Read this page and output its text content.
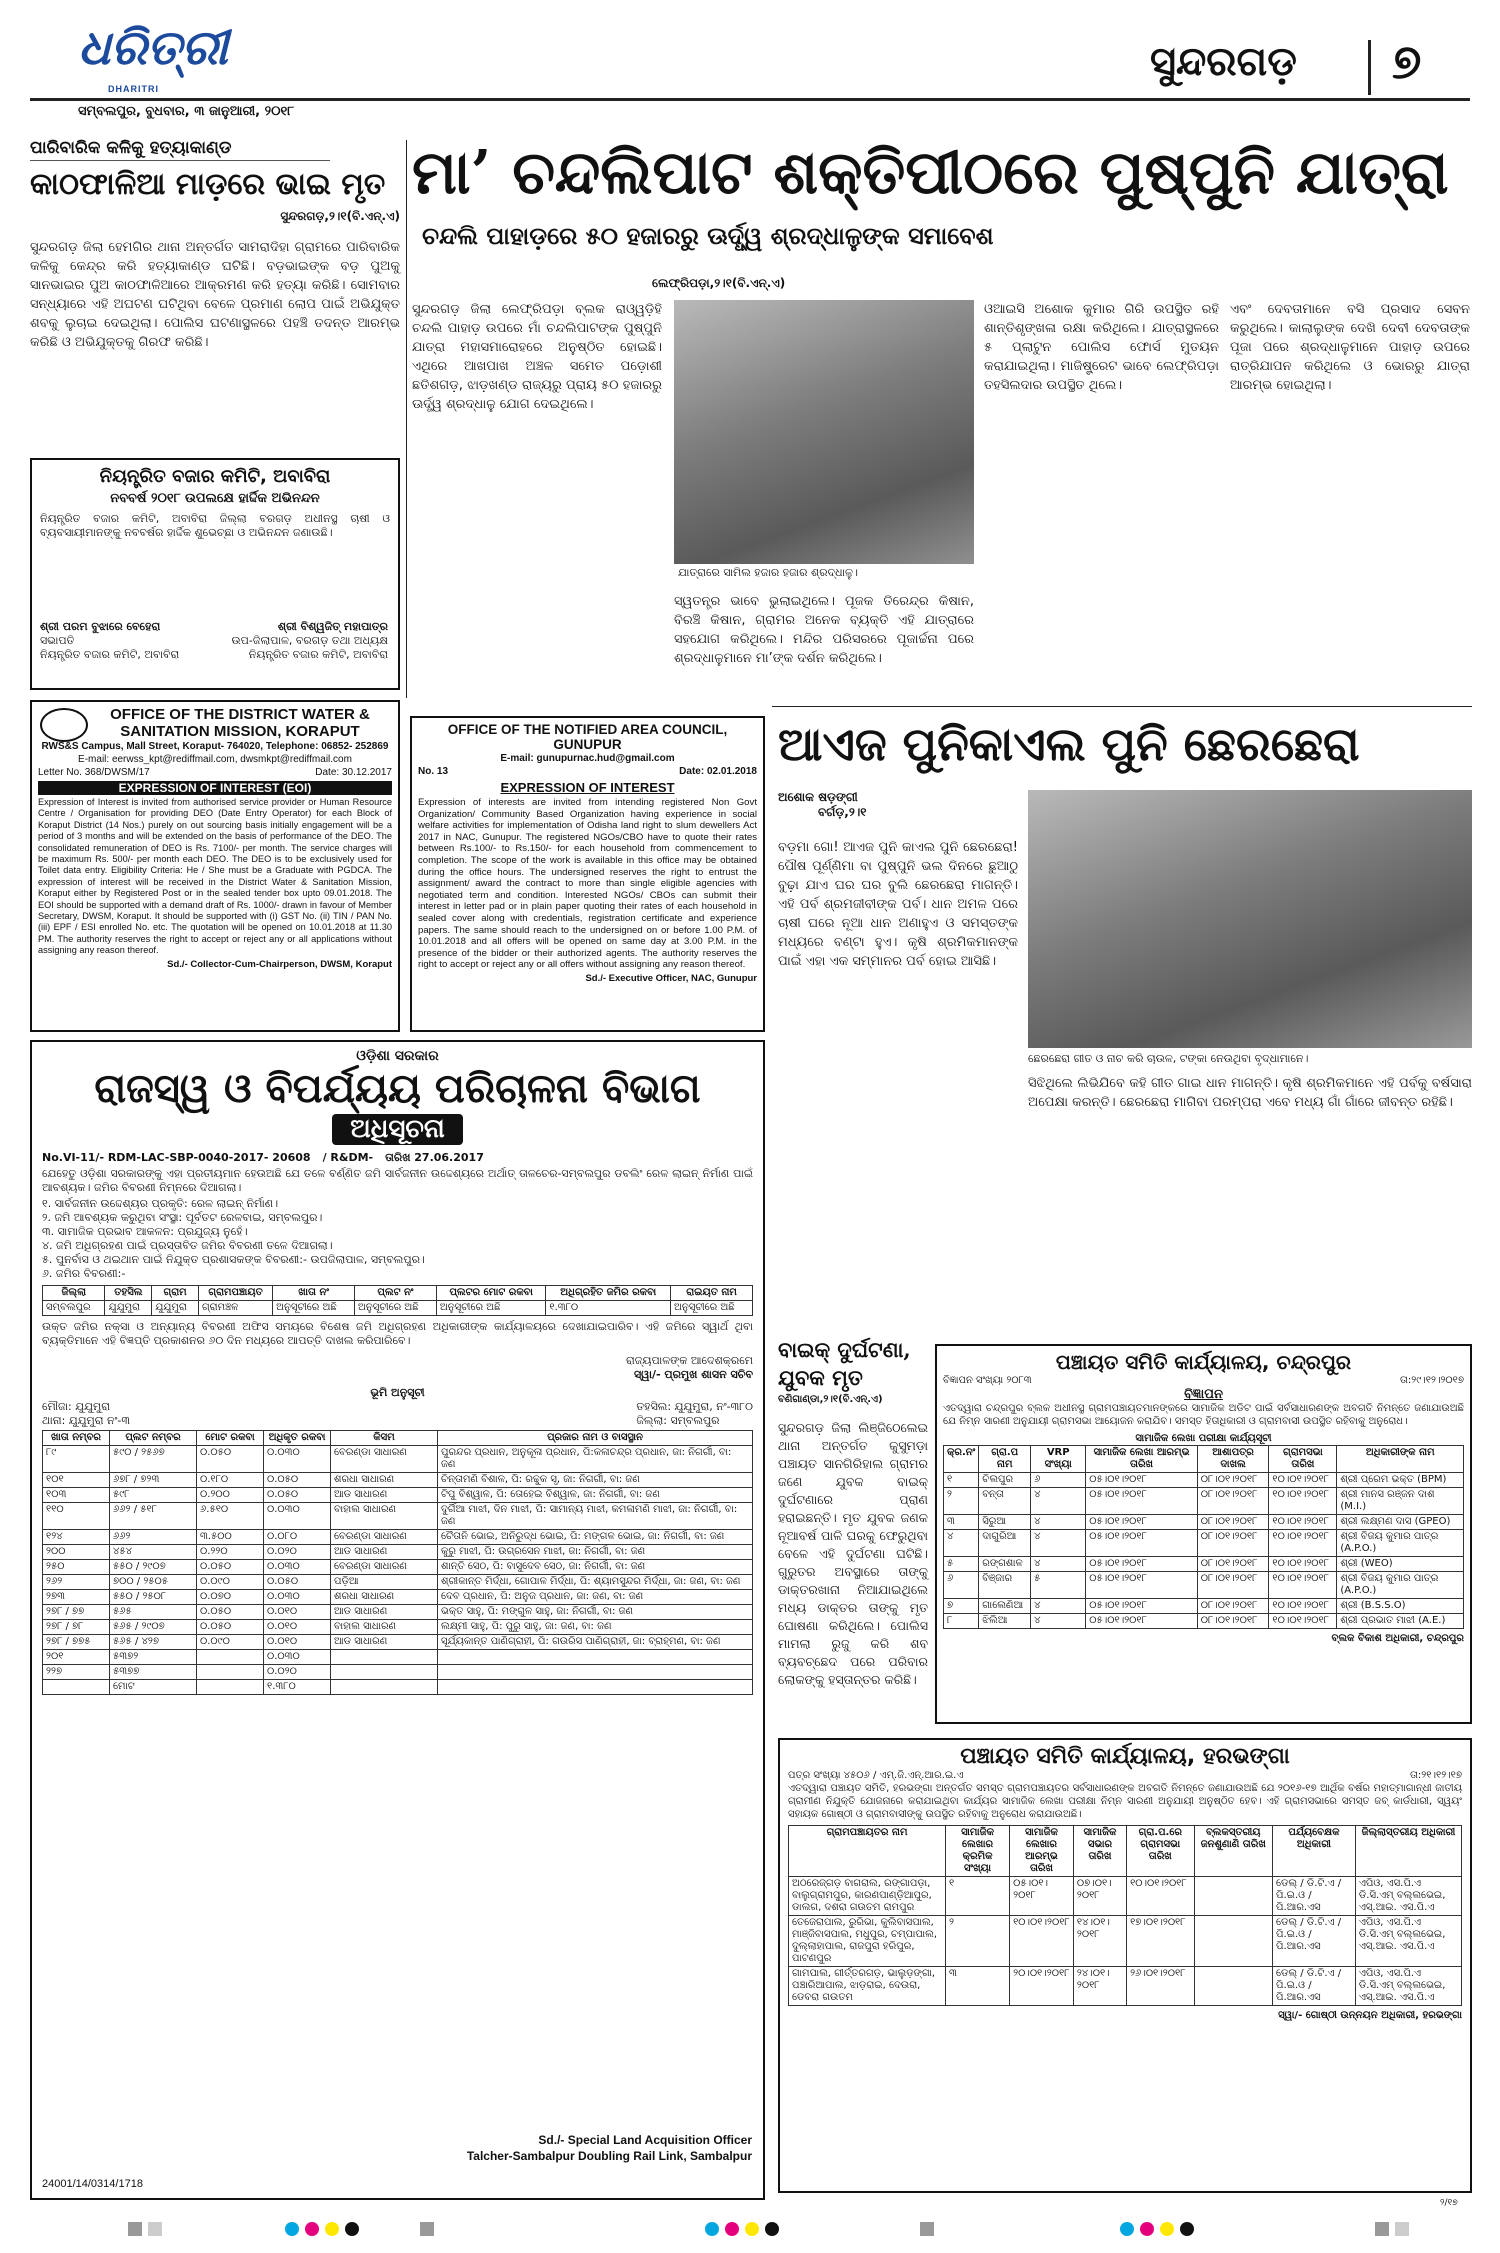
ଧରିତ୍ରୀ
DHARITRI
ସମ୍ବଲପୁର, ବୁଧବାର, ୩ ଜାନୁଆରୀ, ୨୦୧୮
ସୁନ୍ଦରଗଡ଼ ୭
ପାରିବାରିକ କଳିକୁ ହତ୍ୟାକାଣ୍ଡ
କାଠଫାଳିଆ ମାଡ଼ରେ ଭାଇ ମୃତ
ସୁନ୍ଦରଗଡ଼,୨।୧(ବି.ଏନ୍.ଏ)
ସୁନ୍ଦରଗଡ଼ ଜିଲା ହେମଗିର ଥାନା ଅନ୍ତର୍ଗତ ସାମରାଦିହା ଗ୍ରାମରେ ପାରିବାରିକ କଳିକୁ କେନ୍ଦ୍ର କରି ହତ୍ୟାକାଣ୍ଡ ଘଟିଛି। ବଡ଼ଭାଇଙ୍କ ବଡ଼ ପୁଅକୁ ସାନଭାଇର ପୁଅ କାଠଫାଳିଆରେ ଆକ୍ରମଣ କରି ହତ୍ୟା କରିଛି। ସୋମବାର ସନ୍ଧ୍ୟାରେ ଏହି ଅଘଟଣ ଘଟିଥିବା ବେଳେ ପ୍ରମାଣ ଲୋପ ପାଇଁ ଅଭିଯୁକ୍ତ ଶବକୁ ଲୁଚାଇ ଦେଇଥିଲା। ପୋଲିସ ଘଟଣାସ୍ଥଳରେ ପହଞ୍ଚି ତଦନ୍ତ ଆରମ୍ଭ କରିଛି ଓ ଅଭିଯୁକ୍ତକୁ ଗିରଫ କରିଛି।
ମା’ ଚନ୍ଦଲିପାଟ ଶକ୍ତିପୀଠରେ ପୁଷ୍ପୁନି ଯାତ୍ରା
ଚନ୍ଦଲି ପାହାଡ଼ରେ ୫୦ ହଜାରରୁ ଊର୍ଦ୍ଧ୍ୱ ଶ୍ରଦ୍ଧାଳୁଙ୍କ ସମାବେଶ
ଲେଫ୍ରିପଡ଼ା,୨।୧(ବି.ଏନ୍.ଏ)
ସୁନ୍ଦରଗଡ଼ ଜିଲା ଲେଫ୍ରିପଡ଼ା ବ୍ଲକ ରାଓ୍ୱଡ଼ିହି ଚନ୍ଦଲି ପାହାଡ଼ ଉପରେ ମାଁ ଚନ୍ଦଲିପାଟଙ୍କ ପୁଷ୍ପୁନି ଯାତ୍ରା ମହାସମାରୋହରେ ଅନୁଷ୍ଠିତ ହୋଇଛି। ଏଥିରେ ଆଖପାଖ ଅଞ୍ଚଳ ସମେତ ପଡ଼ୋଶୀ ଛତିଶଗଡ଼, ଝାଡ଼ଖଣ୍ଡ ରାଜ୍ୟରୁ ପ୍ରାୟ ୫୦ ହଜାରରୁ ଊର୍ଦ୍ଧ୍ୱ ଶ୍ରଦ୍ଧାଳୁ ଯୋଗ ଦେଇଥିଲେ।
ଯାତ୍ରାରେ ସାମିଲ ହଜାର ହଜାର ଶ୍ରଦ୍ଧାଳୁ।
ସ୍ୱତନ୍ତ୍ର ଭାବେ ଭୁଲାଇଥିଲେ। ପୂଜକ ତିରେନ୍ଦ୍ର କିଷାନ, ବିରଞ୍ଚି କିଷାନ, ଗ୍ରାମର ଅନେକ ବ୍ୟକ୍ତି ଏହି ଯାତ୍ରାରେ ସହଯୋଗ କରିଥିଲେ। ମନ୍ଦିର ପରିସରରେ ପୂଜାର୍ଚ୍ଚନା ପରେ ଶ୍ରଦ୍ଧାଳୁମାନେ ମା’ଙ୍କ ଦର୍ଶନ କରିଥିଲେ।
ଓଆଇସି ଅଶୋକ କୁମାର ଗିରି ଉପସ୍ଥିତ ରହି ଶାନ୍ତିଶୃଙ୍ଖଳା ରକ୍ଷା କରିଥିଲେ। ଯାତ୍ରାସ୍ଥଳରେ ୫ ପ୍ଲାଟୁନ ପୋଲିସ ଫୋର୍ସ ମୁତୟନ କରାଯାଇଥିଲା। ମାଜିଷ୍ଟ୍ରେଟ ଭାବେ ଲେଫ୍ରିପଡ଼ା ତହସିଲଦାର ଉପସ୍ଥିତ ଥିଲେ।
ଏବଂ ଦେବତାମାନେ ବସି ପ୍ରସାଦ ସେବନ କରୁଥିଲେ। କାଲାଲୁଙ୍କ ଦେଖି ଦେବୀ ଦେବତାଙ୍କ ପୂଜା ପରେ ଶ୍ରଦ୍ଧାଳୁମାନେ ପାହାଡ଼ ଉପରେ ରାତ୍ରିଯାପନ କରିଥିଲେ ଓ ଭୋରରୁ ଯାତ୍ରା ଆରମ୍ଭ ହୋଇଥିଲା।
ନିୟନ୍ତ୍ରିତ ବଜାର କମିଟି, ଅବାବିରା
ନବବର୍ଷ ୨୦୧୮ ଉପଲକ୍ଷେ ହାର୍ଦ୍ଦିକ ଅଭିନନ୍ଦନ
ନିୟନ୍ତ୍ରିତ ବଜାର କମିଟି, ଅବାବିରା ଜିଲ୍ଲା ବରଗଡ଼ ଅଧୀନସ୍ଥ ଚାଷୀ ଓ ବ୍ୟବସାୟୀମାନଙ୍କୁ ନବବର୍ଷର ହାର୍ଦ୍ଦିକ ଶୁଭେଚ୍ଛା ଓ ଅଭିନନ୍ଦନ ଜଣାଉଛି।
ଶ୍ରୀ ପରମ ବୁଝାରେ ବେହେରା
ସଭାପତି
ନିୟନ୍ତ୍ରିତ ବଜାର କମିଟି, ଅବାବିରା
ଶ୍ରୀ ବିଶ୍ୱଜିତ୍ ମହାପାତ୍ର
ଉପ-ଜିଲାପାଳ, ବରଗଡ଼ ତଥା ଅଧ୍ୟକ୍ଷ
ନିୟନ୍ତ୍ରିତ ବଜାର କମିଟି, ଅବାବିରା
OFFICE OF THE DISTRICT WATER & SANITATION MISSION, KORAPUT
RWS&S Campus, Mall Street, Koraput- 764020, Telephone: 06852- 252869
E-mail: eerwss_kpt@rediffmail.com, dwsmkpt@rediffmail.com
Letter No. 368/DWSM/17	Date: 30.12.2017
EXPRESSION OF INTEREST (EOI)
Expression of Interest is invited from authorised service provider or Human Resource Centre / Organisation for providing DEO (Date Entry Operator) for each Block of Koraput District (14 Nos.) purely on out sourcing basis initially engagement will be a period of 3 months and will be extended on the basis of performance of the DEO. The consolidated remuneration of DEO is Rs. 7100/- per month. The service charges will be maximum Rs. 500/- per month each DEO. The DEO is to be exclusively used for Toilet data entry. Eligibility Criteria: He / She must be a Graduate with PGDCA. The expression of interest will be received in the District Water & Sanitation Mission, Koraput either by Registered Post or in the sealed tender box upto 09.01.2018. The EOI should be supported with a demand draft of Rs. 1000/- drawn in favour of Member Secretary, DWSM, Koraput. It should be supported with (i) GST No. (ii) TIN / PAN No. (iii) EPF / ESI enrolled No. etc. The quotation will be opened on 10.01.2018 at 11.30 PM. The authority reserves the right to accept or reject any or all applications without assigning any reason thereof.
Sd./- Collector-Cum-Chairperson, DWSM, Koraput
OFFICE OF THE NOTIFIED AREA COUNCIL, GUNUPUR
E-mail: gunupurnac.hud@gmail.com
No. 13	Date: 02.01.2018
EXPRESSION OF INTEREST
Expression of interests are invited from intending registered Non Govt Organization/ Community Based Organization having experience in social welfare activities for implementation of Odisha land right to slum dewellers Act 2017 in NAC, Gunupur. The registered NGOs/CBO have to quote their rates between Rs.100/- to Rs.150/- for each household from commencement to completion. The scope of the work is available in this office may be obtained during the office hours. The undersigned reserves the right to entrust the assignment/ award the contract to more than single eligible agencies with negotiated term and condition. Interested NGOs/ CBOs can submit their interest in letter pad or in plain paper quoting their rates of each household in sealed cover along with credentials, registration certificate and experience papers. The same should reach to the undersigned on or before 1.00 P.M. of 10.01.2018 and all offers will be opened on same day at 3.00 P.M. in the presence of the bidder or their authorized agents. The authority reserves the right to accept or reject any or all offers without assigning any reason thereof.
Sd./- Executive Officer, NAC, Gunupur
ଆଏଜ ପୁନିକାଏଲ ପୁନି ଛେରଛେରା
ଅଶୋକ ଷଡ଼ଙ୍ଗୀ
ବର୍ଗଡ଼,୨।୧
ବଡ଼ମା ଗୋ! ଆଏଜ ପୁନି କାଏଲ ପୁନି ଛେରଛେରା! ପୌଷ ପୂର୍ଣ୍ଣିମା ବା ପୁଷ୍ପୁନି ଭଲ ଦିନରେ ଛୁଆଠୁ ବୁଢ଼ା ଯାଏ ଘର ଘର ବୁଲି ଛେରଛେରା ମାଗନ୍ତି। ଏହି ପର୍ବ ଶ୍ରମଜୀବୀଙ୍କ ପର୍ବ। ଧାନ ଅମଳ ପରେ ଚାଷୀ ଘରେ ନୂଆ ଧାନ ଅଣାହୁଏ ଓ ସମସ୍ତଙ୍କ ମଧ୍ୟରେ ବଣ୍ଟା ହୁଏ। କୃଷି ଶ୍ରମିକମାନଙ୍କ ପାଇଁ ଏହା ଏକ ସମ୍ମାନର ପର୍ବ ହୋଇ ଆସିଛି।
ଛେରଛେରା ଗୀତ ଓ ନାଚ କରି ଚାଉଳ, ଟଙ୍କା ନେଉଥିବା ବୃଦ୍ଧାମାନେ।
ସିଝିଥିଲେ ଲିଭିଯିବେ କହି ଗୀତ ଗାଇ ଧାନ ମାଗନ୍ତି। କୃଷି ଶ୍ରମିକମାନେ ଏହି ପର୍ବକୁ ବର୍ଷସାରା ଅପେକ୍ଷା କରନ୍ତି। ଛେରଛେରା ମାଗିବା ପରମ୍ପରା ଏବେ ମଧ୍ୟ ଗାଁ ଗାଁରେ ଜୀବନ୍ତ ରହିଛି।
ଓଡ଼ିଶା ସରକାର
ରାଜସ୍ୱ ଓ ବିପର୍ଯ୍ୟୟ ପରିଚାଳନା ବିଭାଗ
ଅଧିସୂଚନା
No.VI-11/- RDM-LAC-SBP-0040-2017- 20608 / R&DM- ତାରିଖ 27.06.2017
ଯେହେତୁ ଓଡ଼ିଶା ସରକାରଙ୍କୁ ଏହା ପ୍ରତୀୟମାନ ହେଉଅଛି ଯେ ତଳେ ବର୍ଣ୍ଣିତ ଜମି ସାର୍ବଜନୀନ ଉଦ୍ଦେଶ୍ୟରେ ଅର୍ଥାତ୍ ତାଳଚେର-ସମ୍ବଲପୁର ଡବଲିଂ ରେଳ ଲାଇନ୍ ନିର୍ମାଣ ପାଇଁ ଆବଶ୍ୟକ। ଜମିର ବିବରଣୀ ନିମ୍ନରେ ଦିଆଗଲା।
୧. ସାର୍ବଜନୀନ ଉଦ୍ଦେଶ୍ୟର ପ୍ରକୃତି: ରେଳ ଲାଇନ୍ ନିର୍ମାଣ।
୨. ଜମି ଆବଶ୍ୟକ କରୁଥିବା ସଂସ୍ଥା: ପୂର୍ବତଟ ରେଳବାଇ, ସମ୍ବଲପୁର।
୩. ସାମାଜିକ ପ୍ରଭାବ ଆକଳନ: ପ୍ରଯୁଜ୍ୟ ନୁହେଁ।
୪. ଜମି ଅଧିଗ୍ରହଣ ପାଇଁ ପ୍ରସ୍ତାବିତ ଜମିର ବିବରଣୀ ତଳେ ଦିଆଗଲା।
୫. ପୁନର୍ବାସ ଓ ଥଇଥାନ ପାଇଁ ନିଯୁକ୍ତ ପ୍ରଶାସକଙ୍କ ବିବରଣୀ:- ଉପଜିଲାପାଳ, ସମ୍ବଲପୁର।
୬. ଜମିର ବିବରଣୀ:-
ଜିଲ୍ଲା	ତହସିଲ	ଗ୍ରାମ	ଗ୍ରାମପଞ୍ଚାୟତ	ଖାତା ନଂ	ପ୍ଲଟ ନଂ	ପ୍ଲଟର ମୋଟ ରକବା	ଅଧିଗ୍ରହିତ ଜମିର ରକବା	ରାଇୟତ ନାମ
ସମ୍ବଲପୁର	ଯୁଯୁମୁରା	ଯୁଯୁମୁରା	ଗ୍ରାମଞ୍ଚଳ	ଅନୁସୂଚୀରେ ଅଛି	ଅନୁସୂଚୀରେ ଅଛି	ଅନୁସୂଚୀରେ ଅଛି	୧.୩୮୦	ଅନୁସୂଚୀରେ ଅଛି
ଉକ୍ତ ଜମିର ନକ୍ସା ଓ ଅନ୍ୟାନ୍ୟ ବିବରଣୀ ଅଫିସ ସମୟରେ ବିଶେଷ ଜମି ଅଧିଗ୍ରହଣ ଅଧିକାରୀଙ୍କ କାର୍ଯ୍ୟାଳୟରେ ଦେଖାଯାଇପାରିବ। ଏହି ଜମିରେ ସ୍ୱାର୍ଥ ଥିବା ବ୍ୟକ୍ତିମାନେ ଏହି ବିଜ୍ଞପ୍ତି ପ୍ରକାଶନର ୬୦ ଦିନ ମଧ୍ୟରେ ଆପତ୍ତି ଦାଖଲ କରିପାରିବେ।
ରାଜ୍ୟପାଳଙ୍କ ଆଦେଶକ୍ରମେ
ସ୍ୱା/- ପ୍ରମୁଖ ଶାସନ ସଚିବ
ଭୂମି ଅନୁସୂଚୀ
ମୌଜା: ଯୁଯୁମୁରା
ଥାନା: ଯୁଯୁମୁରା ନଂ-୩
ତହସିଲ: ଯୁଯୁମୁରା, ନଂ-୩୮୦
ଜିଲ୍ଲା: ସମ୍ବଲପୁର
ଖାତା ନମ୍ବର	ପ୍ଲଟ ନମ୍ବର	ମୋଟ ରକବା	ଅଧିକୃତ ରକବା	କିସମ	ପ୍ରଜାର ନାମ ଓ ବାସସ୍ଥାନ
୮୯	୫୯୦ / ୨୫୬୭	୦.୦୫୦	୦.୦୩୦	ବେରଣ୍ଡା ସାଧାରଣ	ପୁରନ୍ଦର ପ୍ରଧାନ, ଅନୁକୂଳା ପ୍ରଧାନ, ପି:କଳାଚନ୍ଦ୍ର ପ୍ରଧାନ, ଜା: ନିଗର୍ଗୀ, ବା: ଜଣ
୧୦୧	୬୭୮ / ୭୨୩	୦.୧୮୦	୦.୦୫୦	ଶରଧା ସାଧାରଣ	ଚିନ୍ତାମଣି ବିଶାଳ, ପି: ରଚ୍ଚୁକ ସୃ, ଜା: ନିଗର୍ଗୀ, ବା: ଜଣ
୧୦୩	୫୯୮	୦.୨୦୦	୦.୦୫୦	ଆଡ ସାଧାରଣ	ଟିପୁ ବିଶ୍ୱାଳ, ପି: ତୋହେଇ ବିଶ୍ୱାଳ, ଜା: ନିଗର୍ଗୀ, ବା: ଜଣ
୧୧୦	୬୬୨ / ୫୧୮	୬.୫୧୦	୦.୦୩୦	ବାହାଲ ସାଧାରଣ	ଦୁର୍ଗିଆ ମାଝୀ, ଦିନ ମାଝୀ, ପି: ସାମାନ୍ୟ ମାଝୀ, କମଳାମଣି ମାଝୀ, ଜା: ନିଗର୍ଗୀ, ବା: ଜଣ
୧୨୪	୬୬୨	୩.୫୦୦	୦.୦୮୦	ବେରଣ୍ଡା ସାଧାରଣ	ଚୈତାନି ଭୋଇ, ଅନିରୁଦ୍ଧ ଭୋଇ, ପି: ମଙ୍ଗଳ ଭୋଇ, ଜା: ନିଗର୍ଗୀ, ବା: ଜଣ
୨୦୦	୪୫୪	୦.୨୨୦	୦.୦୨୦	ଆଡ ସାଧାରଣ	କୁରୁ ମାଝୀ, ପି: ଉଗ୍ରସେନ ମାଝୀ, ଜା: ନିଗର୍ଗୀ, ବା: ଜଣ
୨୫୦	୫୫୦ / ୨୯୦୭	୦.୦୫୦	୦.୦୩୦	ବେରଣ୍ଡା ସାଧାରଣ	ଶାନ୍ତି ସେଠ, ପି: ବାସୁଦେବ ସେଠ, ଜା: ନିଗର୍ଗୀ, ବା: ଜଣ
୨୬୨	୭୦୦ / ୨୫୦୫	୦.୦୯୦	୦.୦୫୦	ପଡ଼ିଆ	ଶ୍ରୀକାନ୍ତ ମିର୍ଦ୍ଧା, ଗୋପାଳ ମିର୍ଦ୍ଧା, ପି: ଶ୍ୟାମସୁନ୍ଦର ମିର୍ଦ୍ଧା, ଜା: ଜଣ, ବା: ଜଣ
୨୭୩	୫୫୦ / ୨୫୦୮	୦.୦୭୦	୦.୦୩୦	ଶରଧା ସାଧାରଣ	ଦେବ ପ୍ରଧାନ, ପି: ଅନୁଜ ପ୍ରଧାନ, ଜା: ଜଣ, ବା: ଜଣ
୨୭୮ / ୭୭	୫୬୫	୦.୦୫୦	୦.୦୧୦	ଆଡ ସାଧାରଣ	ଭକ୍ତ ସାହୁ, ପି: ମଙ୍ଗୁଳ ସାହୁ, ଜା: ନିଗର୍ଗୀ, ବା: ଜଣ
୨୭୮ / ୭୮	୫୬୫ / ୨୯୦୭	୦.୦୫୦	୦.୦୧୦	ବାହାଲ ସାଧାରଣ	ଲକ୍ଷ୍ମୀ ସାହୁ, ପି: ପୁରୁ ସାହୁ, ଜା: ଜଣ, ବା: ଜଣ
୨୭୮ / ୭୭୫	୫୬୫ / ୪୨୭	୦.୦୯୦	୦.୦୧୦	ଆଡ ସାଧାରଣ	ସୂର୍ଯ୍ୟକାନ୍ତ ପାଣିଗ୍ରାହୀ, ପି: ଗଉରିସ ପାଣିଗ୍ରାହୀ, ଜା: ବ୍ରାହ୍ମଣ, ବା: ଜଣ
୨୦୧	୫୩୭୨		୦.୦୩୦		
୨୨୭	୫୩୭୭		୦.୦୨୦		
	ମୋଟ		୧.୩୮୦		
Sd./- Special Land Acquisition Officer
Talcher-Sambalpur Doubling Rail Link, Sambalpur
24001/14/0314/1718
ବାଇକ୍ ଦୁର୍ଘଟଣା, ଯୁବକ ମୃତ
ବଣିଗାଣ୍ଡା,୨।୧(ବି.ଏନ୍.ଏ)
ସୁନ୍ଦରଗଡ଼ ଜିଲା ଲିଞ୍ଜିଠେଲେଇ ଥାନା ଅନ୍ତର୍ଗତ କୁସୁମଡ଼ା ପଞ୍ଚାୟତ ସାନଗିରିହାଲ ଗ୍ରାମର ଜଣେ ଯୁବକ ବାଇକ୍ ଦୁର୍ଘଟଣାରେ ପ୍ରାଣ ହରାଇଛନ୍ତି। ମୃତ ଯୁବକ ଜଣକ ନୂଆବର୍ଷ ପାଳି ଘରକୁ ଫେରୁଥିବା ବେଳେ ଏହି ଦୁର୍ଘଟଣା ଘଟିଛି। ଗୁରୁତର ଅବସ୍ଥାରେ ତାଙ୍କୁ ଡାକ୍ତରଖାନା ନିଆଯାଇଥିଲେ ମଧ୍ୟ ଡାକ୍ତର ତାଙ୍କୁ ମୃତ ଘୋଷଣା କରିଥିଲେ। ପୋଲିସ ମାମଲା ରୁଜୁ କରି ଶବ ବ୍ୟବଚ୍ଛେଦ ପରେ ପରିବାର ଲୋକଙ୍କୁ ହସ୍ତାନ୍ତର କରିଛି।
ପଞ୍ଚାୟତ ସମିତି କାର୍ଯ୍ୟାଳୟ, ଚନ୍ଦ୍ରପୁର
ବିଜ୍ଞାପନ ସଂଖ୍ୟା ୨୦୮୩	ତା:୨୯।୧୨।୨୦୧୭
ବିଜ୍ଞାପନ
ଏତଦ୍ୱାରା ଚନ୍ଦ୍ରପୁର ବ୍ଲକ ଅଧୀନସ୍ଥ ଗ୍ରାମପଞ୍ଚାୟତମାନଙ୍କରେ ସାମାଜିକ ଅଡିଟ ପାଇଁ ସର୍ବସାଧାରଣଙ୍କ ଅବଗତି ନିମନ୍ତେ ଜଣାଯାଉଅଛି ଯେ ନିମ୍ନ ସାରଣୀ ଅନୁଯାୟୀ ଗ୍ରାମସଭା ଆୟୋଜନ କରାଯିବ। ସମସ୍ତ ହିତାଧିକାରୀ ଓ ଗ୍ରାମବାସୀ ଉପସ୍ଥିତ ରହିବାକୁ ଅନୁରୋଧ।
ସାମାଜିକ ଲେଖା ପରୀକ୍ଷା କାର୍ଯ୍ୟସୂଚୀ
କ୍ର.ନଂ	ଗ୍ରା.ପ ନାମ	VRP ସଂଖ୍ୟା	ସାମାଜିକ ଲେଖା ଆରମ୍ଭ ତାରିଖ	ଆଶାପତ୍ର ଦାଖଲ	ଗ୍ରାମସଭା ତାରିଖ	ଅଧିକାରୀଙ୍କ ନାମ
୧	ଚିଲପୁର	୬	୦୫।୦୧।୨୦୧୮	୦୮।୦୧।୨୦୧୮	୧୦।୦୧।୨୦୧୮	ଶ୍ରୀ ପ୍ରେମ ଭକ୍ତ (BPM)
୨	ବନ୍ତା	୪	୦୫।୦୧।୨୦୧୮	୦୮।୦୧।୨୦୧୮	୧୦।୦୧।୨୦୧୮	ଶ୍ରୀ ମାନସ ରଞ୍ଜନ ଦାଶ (M.I.)
୩	ସିରୁଆ	୪	୦୫।୦୧।୨୦୧୮	୦୮।୦୧।୨୦୧୮	୧୦।୦୧।୨୦୧୮	ଶ୍ରୀ ଲକ୍ଷ୍ମଣ ଦାସ (GPEO)
୪	ଦାଗୁରିଆ	୪	୦୫।୦୧।୨୦୧୮	୦୮।୦୧।୨୦୧୮	୧୦।୦୧।୨୦୧୮	ଶ୍ରୀ ବିଜୟ କୁମାର ପାତ୍ର (A.P.O.)
୫	ରଙ୍ଗଶାଳ	୪	୦୫।୦୧।୨୦୧୮	୦୮।୦୧।୨୦୧୮	୧୦।୦୧।୨୦୧୮	ଶ୍ରୀ (WEO)
୬	ବିଞ୍ଜାର	୫	୦୫।୦୧।୨୦୧୮	୦୮।୦୧।୨୦୧୮	୧୦।୦୧।୨୦୧୮	ଶ୍ରୀ ବିଜୟ କୁମାର ପାତ୍ର (A.P.O.)
୭	ଗାଲେଣିଆ	୪	୦୫।୦୧।୨୦୧୮	୦୮।୦୧।୨୦୧୮	୧୦।୦୧।୨୦୧୮	ଶ୍ରୀ (B.S.S.O)
୮	ଝିଲିଆ	୪	୦୫।୦୧।୨୦୧୮	୦୮।୦୧।୨୦୧୮	୧୦।୦୧।୨୦୧୮	ଶ୍ରୀ ପ୍ରଭାତ ମାଝୀ (A.E.)
ବ୍ଲକ ବିକାଶ ଅଧିକାରୀ, ଚନ୍ଦ୍ରପୁର
ପଞ୍ଚାୟତ ସମିତି କାର୍ଯ୍ୟାଳୟ, ହରଭଙ୍ଗା
ପତ୍ର ସଂଖ୍ୟା ୪୫୦୬ / ଏମ୍.ଜି.ଏନ୍.ଆର.ଇ.ଏ	ତା:୨୧।୧୨।୧୭
ଏତଦ୍ୱାରା ପଞ୍ଚାୟତ ସମିତି, ହରଭଙ୍ଗା ଅନ୍ତର୍ଗତ ସମସ୍ତ ଗ୍ରାମପଞ୍ଚାୟତର ସର୍ବସାଧାରଣଙ୍କ ଅବଗତି ନିମନ୍ତେ ଜଣାଯାଉଅଛି ଯେ ୨୦୧୬-୧୭ ଆର୍ଥିକ ବର୍ଷର ମହାତ୍ମାଗାନ୍ଧୀ ଜାତୀୟ ଗ୍ରାମୀଣ ନିଯୁକ୍ତି ଯୋଜନାରେ କରାଯାଇଥିବା କାର୍ଯ୍ୟର ସାମାଜିକ ଲେଖା ପରୀକ୍ଷା ନିମ୍ନ ସାରଣୀ ଅନୁଯାୟୀ ଅନୁଷ୍ଠିତ ହେବ। ଏହି ଗ୍ରାମସଭାରେ ସମସ୍ତ ଜବ୍ କାର୍ଡଧାରୀ, ସ୍ୱୟଂ ସହାୟକ ଗୋଷ୍ଠୀ ଓ ଗ୍ରାମବାସୀଙ୍କୁ ଉପସ୍ଥିତ ରହିବାକୁ ଅନୁରୋଧ କରାଯାଉଅଛି।
ଗ୍ରାମପଞ୍ଚାୟତର ନାମ	ସାମାଜିକ ଲେଖାର କ୍ରମିକ ସଂଖ୍ୟା	ସାମାଜିକ ଲେଖାର ଆରମ୍ଭ ତାରିଖ	ସାମାଜିକ ସଭାର ତାରିଖ	ଗ୍ରା.ପ.ରେ ଗ୍ରାମସଭା ତାରିଖ	ବ୍ଲକସ୍ତରୀୟ ଜନଶୁଣାଣି ତାରିଖ	ପର୍ଯ୍ୟବେକ୍ଷକ ଅଧିକାରୀ	ଜିଲ୍ଲାସ୍ତରୀୟ ଅଧିକାରୀ
ଅଠରେଜ୍‌ଗଡ଼ ବାଗରାଲ, ରଙ୍ଗାପଡ଼ା, ବାଲୁଗ୍ରାମପୁର, କାରଣପାଣ୍ଡ଼ିଆପୁର, ଡାଲଗ, ଦଶରା ଗଉତମ ରାମପୁର	୧	୦୫।୦୧।୨୦୧୮	୦୭।୦୧।୨୦୧୮	୧୦।୦୧।୨୦୧୮		ଡେଲ୍ / ଡି.ଟି.ଏ / ପି.ଇ.ଓ / ପି.ଆର.ଏସ	ଏପିଓ, ଏସ.ପି.ଏ ଡି.ସି.ଏମ୍ ବଲ୍ଲଭେଇ, ଏସ୍.ଆଇ. ଏସ.ପି.ଏ
ତେଜେରାପାଲ, ରୁରିଭା, କୁଲିବାସପାଲ, ମାଞ୍ଜିବାସପାଲ, ମଧୁପୁର, ଚମ୍ପାପାଲ, ଦୁଲ୍ଲାହାପାଲ, ରାଜପୁରା ହରିପୁର, ପାଟଣପୁର	୨	୧୦।୦୧।୨୦୧୮	୧୪।୦୧।୨୦୧୮	୧୭।୦୧।୨୦୧୮		ଡେଲ୍ / ଡି.ଟି.ଏ / ପି.ଇ.ଓ / ପି.ଆର.ଏସ	ଏପିଓ, ଏସ.ପି.ଏ ଡି.ସି.ଏମ୍ ବଲ୍ଲଭେଇ, ଏସ୍.ଆଇ. ଏସ.ପି.ଏ
ଗାମପାଲ, ଗୀର୍ତ୍ତରଗଡ଼, ଭାଲୁଡ଼ଙ୍ଗା, ପଞ୍ଚାରିଆପାଲ, ଝାଡ଼ରାଇ, ଦେଉରା, ଡେବରା ଗଉତମ	୩	୨୦।୦୧।୨୦୧୮	୨୪।୦୧।୨୦୧୮	୨୬।୦୧।୨୦୧୮		ଡେଲ୍ / ଡି.ଟି.ଏ / ପି.ଇ.ଓ / ପି.ଆର.ଏସ	ଏପିଓ, ଏସ.ପି.ଏ ଡି.ସି.ଏମ୍ ବଲ୍ଲଭେଇ, ଏସ୍.ଆଇ. ଏସ.ପି.ଏ
ସ୍ୱା/- ଗୋଷ୍ଠୀ ଉନ୍ନୟନ ଅଧିକାରୀ, ହରଭଙ୍ଗା
୨/୧୭
